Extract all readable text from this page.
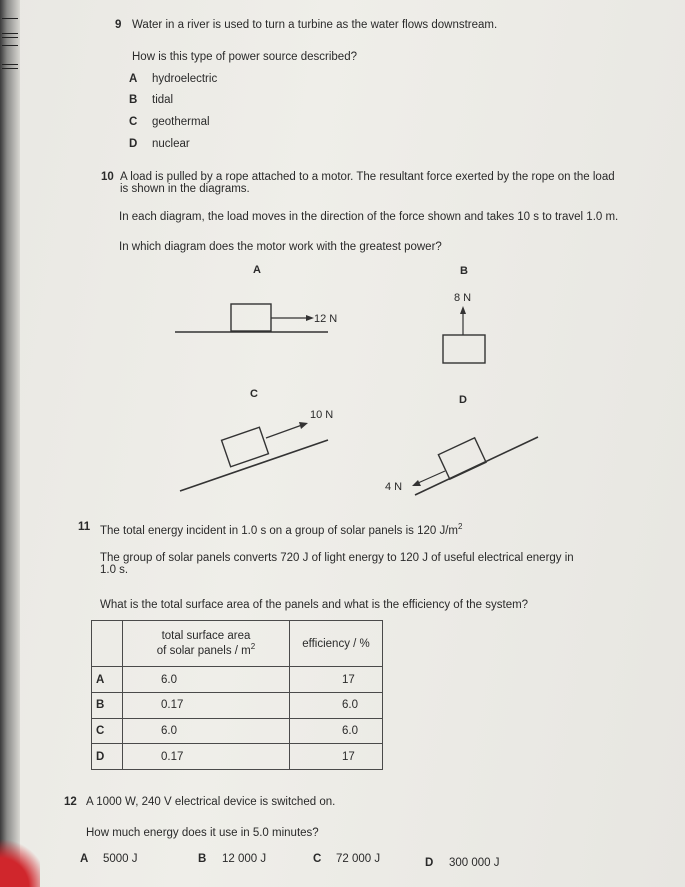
9 Water in a river is used to turn a turbine as the water flows downstream.
How is this type of power source described?
A hydroelectric
B tidal
C geothermal
D nuclear
10 A load is pulled by a rope attached to a motor. The resultant force exerted by the rope on the load
is shown in the diagrams.
In each diagram, the load moves in the direction of the force shown and takes 10 s to travel 1.0 m.
In which diagram does the motor work with the greatest power?
A
12 N
B
8 N
C
10 N
D
4 N
11 The total energy incident in 1.0 s on a group of solar panels is 120 $J/m^2$
The group of solar panels converts 720 J of light energy to 120 J of useful electrical energy in
1.0 s.
What is the total surface area of the panels and what is the efficiency of the system?
	total surface area
of solar panels / $m^2$	efficiency / %
A	6.0	17
B	0.17	6.0
C	6.0	6.0
D	0.17	17
12 A 1000 W, 240 V electrical device is switched on.
How much energy does it use in 5.0 minutes?
A 5000 J	B 12 000 J	C 72 000 J	D 300 000 J
